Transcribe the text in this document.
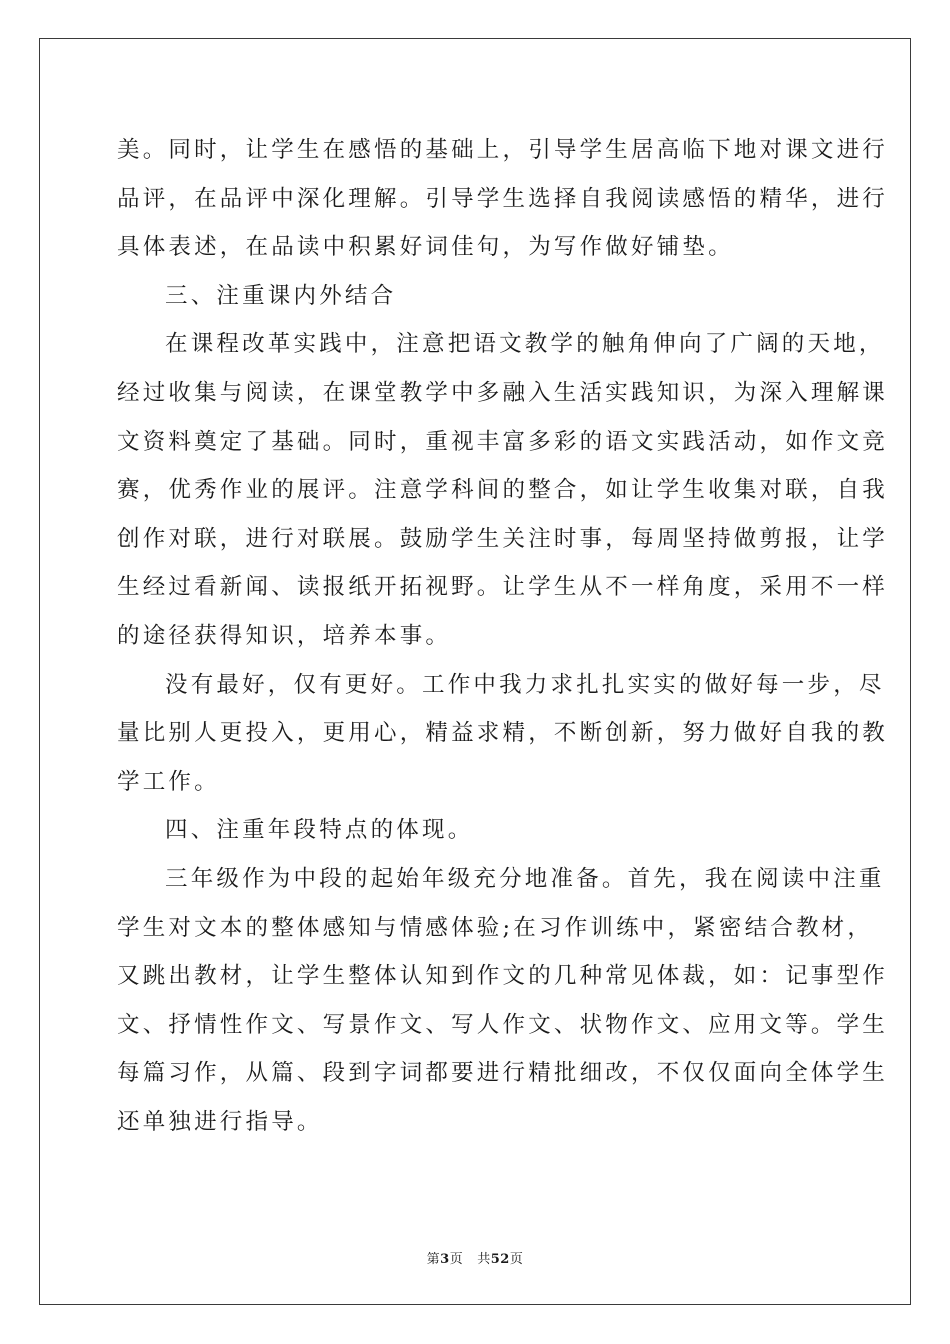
美。同时，让学生在感悟的基础上，引导学生居高临下地对课文进行
品评，在品评中深化理解。引导学生选择自我阅读感悟的精华，进行
具体表述，在品读中积累好词佳句，为写作做好铺垫。
三、注重课内外结合
在课程改革实践中，注意把语文教学的触角伸向了广阔的天地，
经过收集与阅读，在课堂教学中多融入生活实践知识，为深入理解课
文资料奠定了基础。同时，重视丰富多彩的语文实践活动，如作文竞
赛，优秀作业的展评。注意学科间的整合，如让学生收集对联，自我
创作对联，进行对联展。鼓励学生关注时事，每周坚持做剪报，让学
生经过看新闻、读报纸开拓视野。让学生从不一样角度，采用不一样
的途径获得知识，培养本事。
没有最好，仅有更好。工作中我力求扎扎实实的做好每一步，尽
量比别人更投入，更用心，精益求精，不断创新，努力做好自我的教
学工作。
四、注重年段特点的体现。
三年级作为中段的起始年级充分地准备。首先，我在阅读中注重
学生对文本的整体感知与情感体验;在习作训练中，紧密结合教材，
又跳出教材，让学生整体认知到作文的几种常见体裁，如：记事型作
文、抒情性作文、写景作文、写人作文、状物作文、应用文等。学生
每篇习作，从篇、段到字词都要进行精批细改，不仅仅面向全体学生
还单独进行指导。
第3页 共52页
